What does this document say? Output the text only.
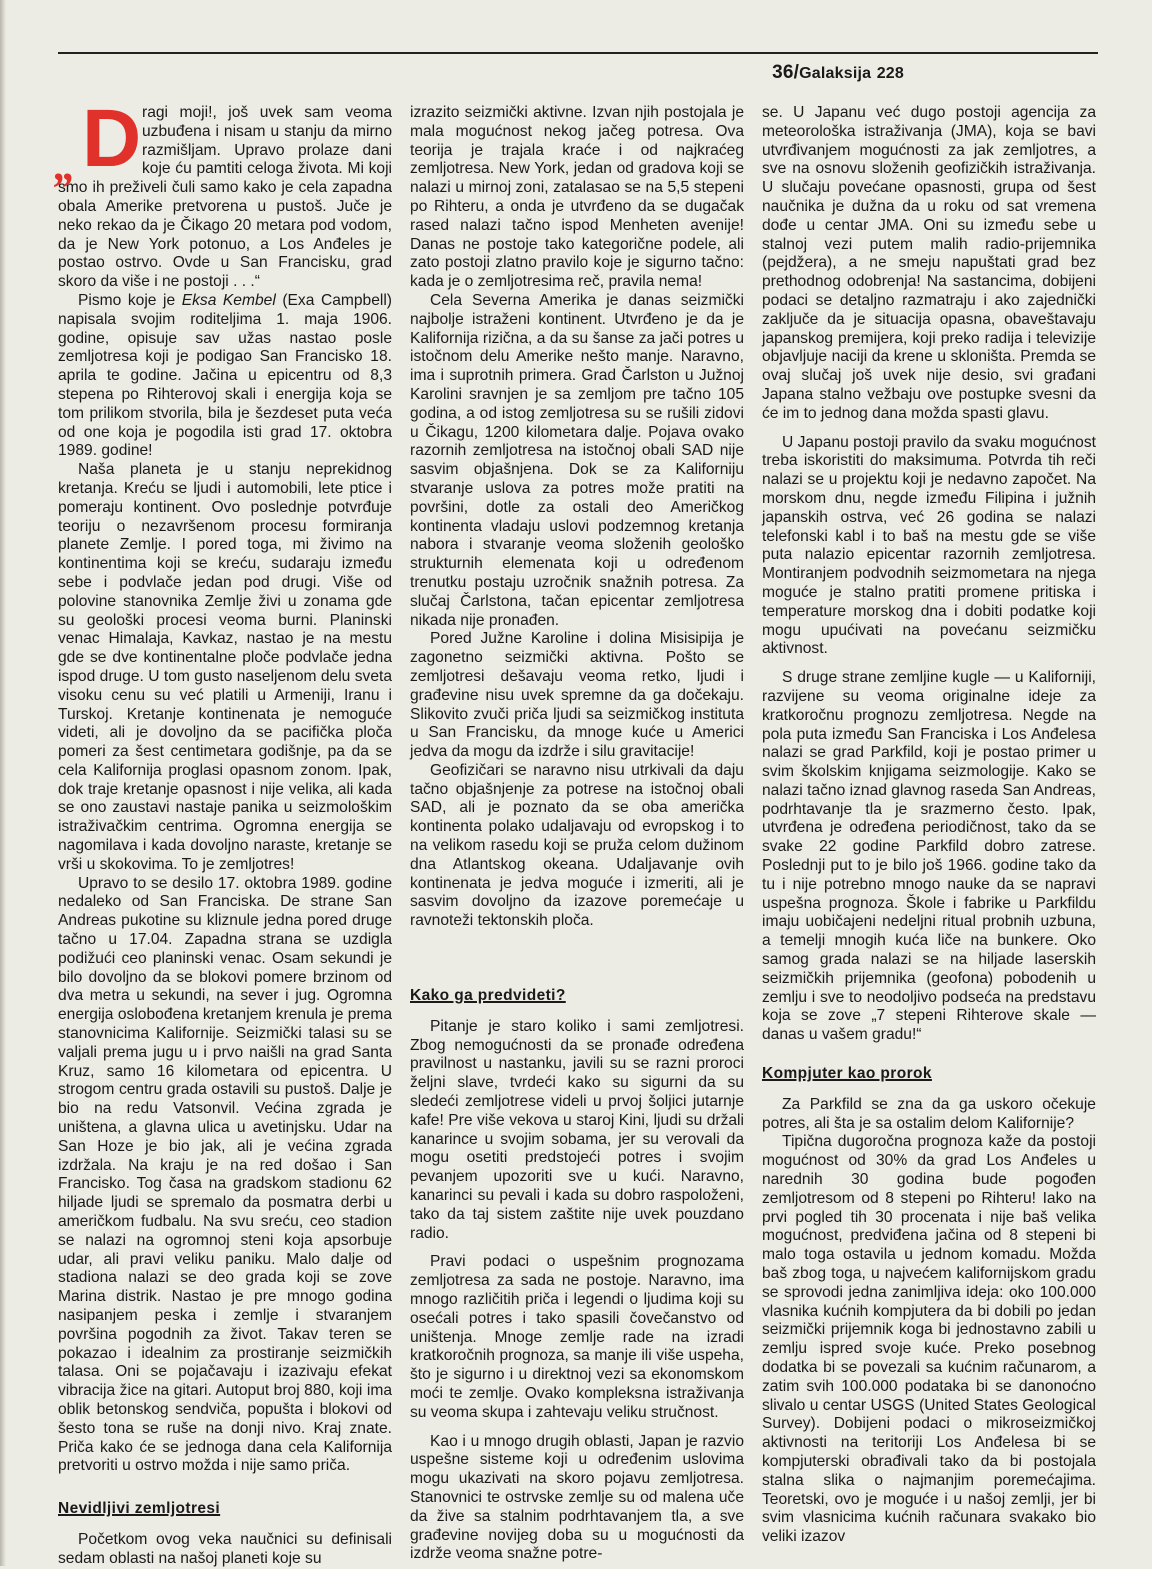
36/Galaksija 228

D
„
ragi moji!, još uvek sam veoma uzbuđena i nisam u stanju da mirno razmišljam. Upravo prolaze dani koje ću pamtiti celoga života. Mi koji smo ih preživeli čuli samo kako je cela zapadna obala Amerike pretvorena u pustoš. Juče je neko rekao da je Čikago 20 metara pod vodom, da je New York potonuo, a Los Anđeles je postao ostrvo. Ovde u San Francisku, grad skoro da više i ne postoji . . .“

Pismo koje je Eksa Kembel (Exa Campbell) napisala svojim roditeljima 1. maja 1906. godine, opisuje sav užas nastao posle zemljotresa koji je podigao San Francisko 18. aprila te godine. Jačina u epicentru od 8,3 stepena po Rihterovoj skali i energija koja se tom prilikom stvorila, bila je šezdeset puta veća od one koja je pogodila isti grad 17. oktobra 1989. godine!

Naša planeta je u stanju neprekidnog kretanja. Kreću se ljudi i automobili, lete ptice i pomeraju kontinent. Ovo poslednje potvrđuje teoriju o nezavršenom procesu formiranja planete Zemlje. I pored toga, mi živimo na kontinentima koji se kreću, sudaraju između sebe i podvlače jedan pod drugi. Više od polovine stanovnika Zemlje živi u zonama gde su geološki procesi veoma burni. Planinski venac Himalaja, Kavkaz, nastao je na mestu gde se dve kontinentalne ploče podvlače jedna ispod druge. U tom gusto naseljenom delu sveta visoku cenu su već platili u Armeniji, Iranu i Turskoj. Kretanje kontinenata je nemoguće videti, ali je dovoljno da se pacifička ploča pomeri za šest centimetara godišnje, pa da se cela Kalifornija proglasi opasnom zonom. Ipak, dok traje kretanje opasnost i nije velika, ali kada se ono zaustavi nastaje panika u seizmološkim istraživačkim centrima. Ogromna energija se nagomilava i kada dovoljno naraste, kretanje se vrši u skokovima. To je zemljotres!

Upravo to se desilo 17. oktobra 1989. godine nedaleko od San Franciska. De strane San Andreas pukotine su kliznule jedna pored druge tačno u 17.04. Zapadna strana se uzdigla podižući ceo planinski venac. Osam sekundi je bilo dovoljno da se blokovi pomere brzinom od dva metra u sekundi, na sever i jug. Ogromna energija oslobođena kretanjem krenula je prema stanovnicima Kalifornije. Seizmički talasi su se valjali prema jugu u i prvo naišli na grad Santa Kruz, samo 16 kilometara od epicentra. U strogom centru grada ostavili su pustoš. Dalje je bio na redu Vatsonvil. Većina zgrada je uništena, a glavna ulica u avetinjsku. Udar na San Hoze je bio jak, ali je većina zgrada izdržala. Na kraju je na red došao i San Francisko. Tog časa na gradskom stadionu 62 hiljade ljudi se spremalo da posmatra derbi u američkom fudbalu. Na svu sreću, ceo stadion se nalazi na ogromnoj steni koja apsorbuje udar, ali pravi veliku paniku. Malo dalje od stadiona nalazi se deo grada koji se zove Marina distrik. Nastao je pre mnogo godina nasipanjem peska i zemlje i stvaranjem površina pogodnih za život. Takav teren se pokazao i idealnim za prostiranje seizmičkih talasa. Oni se pojačavaju i izazivaju efekat vibracija žice na gitari. Autoput broj 880, koji ima oblik betonskog sendviča, popušta i blokovi od šesto tona se ruše na donji nivo. Kraj znate. Priča kako će se jednoga dana cela Kalifornija pretvoriti u ostrvo možda i nije samo priča.

Nevidljivi zemljotresi

Početkom ovog veka naučnici su definisali sedam oblasti na našoj planeti koje su

izrazito seizmički aktivne. Izvan njih postojala je mala mogućnost nekog jačeg potresa. Ova teorija je trajala kraće i od najkraćeg zemljotresa. New York, jedan od gradova koji se nalazi u mirnoj zoni, zatalasao se na 5,5 stepeni po Rihteru, a onda je utvrđeno da se dugačak rased nalazi tačno ispod Menheten avenije! Danas ne postoje tako kategorične podele, ali zato postoji zlatno pravilo koje je sigurno tačno: kada je o zemljotresima reč, pravila nema!

Cela Severna Amerika je danas seizmički najbolje istraženi kontinent. Utvrđeno je da je Kalifornija rizična, a da su šanse za jači potres u istočnom delu Amerike nešto manje. Naravno, ima i suprotnih primera. Grad Čarlston u Južnoj Karolini sravnjen je sa zemljom pre tačno 105 godina, a od istog zemljotresa su se rušili zidovi u Čikagu, 1200 kilometara dalje. Pojava ovako razornih zemljotresa na istočnoj obali SAD nije sasvim objašnjena. Dok se za Kaliforniju stvaranje uslova za potres može pratiti na površini, dotle za ostali deo Američkog kontinenta vladaju uslovi podzemnog kretanja nabora i stvaranje veoma složenih geološko strukturnih elemenata koji u određenom trenutku postaju uzročnik snažnih potresa. Za slučaj Čarlstona, tačan epicentar zemljotresa nikada nije pronađen.

Pored Južne Karoline i dolina Misisipija je zagonetno seizmički aktivna. Pošto se zemljotresi dešavaju veoma retko, ljudi i građevine nisu uvek spremne da ga dočekaju. Slikovito zvuči priča ljudi sa seizmičkog instituta u San Francisku, da mnoge kuće u Americi jedva da mogu da izdrže i silu gravitacije!

Geofizičari se naravno nisu utrkivali da daju tačno objašnjenje za potrese na istočnoj obali SAD, ali je poznato da se oba američka kontinenta polako udaljavaju od evropskog i to na velikom rasedu koji se pruža celom dužinom dna Atlantskog okeana. Udaljavanje ovih kontinenata je jedva moguće i izmeriti, ali je sasvim dovoljno da izazove poremećaje u ravnoteži tektonskih ploča.

Kako ga predvideti?

Pitanje je staro koliko i sami zemljotresi. Zbog nemogućnosti da se pronađe određena pravilnost u nastanku, javili su se razni proroci željni slave, tvrdeći kako su sigurni da su sledeći zemljotrese videli u prvoj šoljici jutarnje kafe! Pre više vekova u staroj Kini, ljudi su držali kanarince u svojim sobama, jer su verovali da mogu osetiti predstojeći potres i svojim pevanjem upozoriti sve u kući. Naravno, kanarinci su pevali i kada su dobro raspoloženi, tako da taj sistem zaštite nije uvek pouzdano radio.

Pravi podaci o uspešnim prognozama zemljotresa za sada ne postoje. Naravno, ima mnogo različitih priča i legendi o ljudima koji su osećali potres i tako spasili čovečanstvo od uništenja. Mnoge zemlje rade na izradi kratkoročnih prognoza, sa manje ili više uspeha, što je sigurno i u direktnoj vezi sa ekonomskom moći te zemlje. Ovako kompleksna istraživanja su veoma skupa i zahtevaju veliku stručnost.

Kao i u mnogo drugih oblasti, Japan je razvio uspešne sisteme koji u određenim uslovima mogu ukazivati na skoro pojavu zemljotresa. Stanovnici te ostrvske zemlje su od malena uče da žive sa stalnim podrhtavanjem tla, a sve građevine novijeg doba su u mogućnosti da izdrže veoma snažne potre-

se. U Japanu već dugo postoji agencija za meteorološka istraživanja (JMA), koja se bavi utvrđivanjem mogućnosti za jak zemljotres, a sve na osnovu složenih geofizičkih istraživanja. U slučaju povećane opasnosti, grupa od šest naučnika je dužna da u roku od sat vremena dođe u centar JMA. Oni su između sebe u stalnoj vezi putem malih radio-prijemnika (pejdžera), a ne smeju napuštati grad bez prethodnog odobrenja! Na sastancima, dobijeni podaci se detaljno razmatraju i ako zajednički zaključe da je situacija opasna, obaveštavaju japanskog premijera, koji preko radija i televizije objavljuje naciji da krene u skloništa. Premda se ovaj slučaj još uvek nije desio, svi građani Japana stalno vežbaju ove postupke svesni da će im to jednog dana možda spasti glavu.

U Japanu postoji pravilo da svaku mogućnost treba iskoristiti do maksimuma. Potvrda tih reči nalazi se u projektu koji je nedavno započet. Na morskom dnu, negde između Filipina i južnih japanskih ostrva, već 26 godina se nalazi telefonski kabl i to baš na mestu gde se više puta nalazio epicentar razornih zemljotresa. Montiranjem podvodnih seizmometara na njega moguće je stalno pratiti promene pritiska i temperature morskog dna i dobiti podatke koji mogu upućivati na povećanu seizmičku aktivnost.

S druge strane zemljine kugle — u Kaliforniji, razvijene su veoma originalne ideje za kratkoročnu prognozu zemljotresa. Negde na pola puta između San Franciska i Los Anđelesa nalazi se grad Parkfild, koji je postao primer u svim školskim knjigama seizmologije. Kako se nalazi tačno iznad glavnog raseda San Andreas, podrhtavanje tla je srazmerno često. Ipak, utvrđena je određena periodičnost, tako da se svake 22 godine Parkfild dobro zatrese. Poslednji put to je bilo još 1966. godine tako da tu i nije potrebno mnogo nauke da se napravi uspešna prognoza. Škole i fabrike u Parkfildu imaju uobičajeni nedeljni ritual probnih uzbuna, a temelji mnogih kuća liče na bunkere. Oko samog grada nalazi se na hiljade laserskih seizmičkih prijemnika (geofona) pobodenih u zemlju i sve to neodoljivo podseća na predstavu koja se zove „7 stepeni Rihterove skale — danas u vašem gradu!“

Kompjuter kao prorok

Za Parkfild se zna da ga uskoro očekuje potres, ali šta je sa ostalim delom Kalifornije?

Tipična dugoročna prognoza kaže da postoji mogućnost od 30% da grad Los Anđeles u narednih 30 godina bude pogođen zemljotresom od 8 stepeni po Rihteru! Iako na prvi pogled tih 30 procenata i nije baš velika mogućnost, predviđena jačina od 8 stepeni bi malo toga ostavila u jednom komadu. Možda baš zbog toga, u najvećem kalifornijskom gradu se sprovodi jedna zanimljiva ideja: oko 100.000 vlasnika kućnih kompjutera da bi dobili po jedan seizmički prijemnik koga bi jednostavno zabili u zemlju ispred svoje kuće. Preko posebnog dodatka bi se povezali sa kućnim računarom, a zatim svih 100.000 podataka bi se danonoćno slivalo u centar USGS (United States Geological Survey). Dobijeni podaci o mikroseizmičkoj aktivnosti na teritoriji Los Anđelesa bi se kompjuterski obrađivali tako da bi postojala stalna slika o najmanjim poremećajima. Teoretski, ovo je moguće i u našoj zemlji, jer bi svim vlasnicima kućnih računara svakako bio veliki izazov
